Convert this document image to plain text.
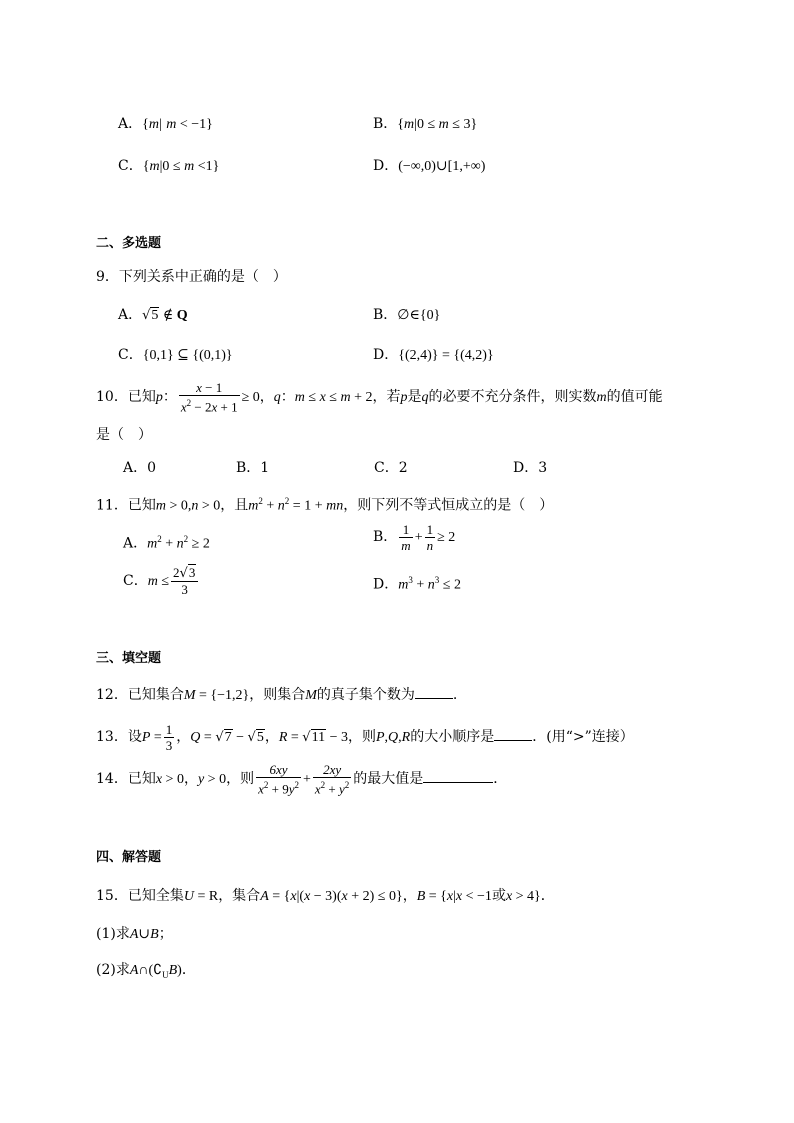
A．{m| m < −1}	B．{m|0 ≤ m ≤ 3}
C．{m|0 ≤ m <1}	D．(−∞,0)∪[1,+∞)
二、多选题
9．下列关系中正确的是（　）
A．√5 ∉ Q	B．∅∈{0}
C．{0,1} ⊆ {(0,1)}	D．{(2,4)} = {(4,2)}
10．已知p： $\frac{x - 1}{x^2 - 2x + 1} \ge 0$，q：m ≤ x ≤ m + 2，若p是q的必要不充分条件，则实数m的值可能
是（　）
A．0	B．1	C．2	D．3
11．已知m > 0,n > 0，且$m^2 + n^2 = 1$ + mn，则下列不等式恒成立的是（　）
A．$m^2 + n^2 \ge 2$	B． $\frac{1}{m} + \frac{1}{n} \ge 2$
C．$m \le \frac{2√3}{3}$	D．$m^3 + n^3 \le 2$
三、填空题
12．已知集合M = {−1,2}，则集合M的真子集个数为	.
13．设$P = \frac{1}{3}$ ，Q = √7 − √5，R = √11 − 3，则P,Q,R的大小顺序是	．(用“>”连接）
14．已知x > 0，y > 0，则 $\frac{6xy}{x^2 + 9y^2} + \frac{2xy}{x^2 + y^2}$ 的最大值是	．
四、解答题
15．已知全集U = R，集合A = {x|(x − 3)(x + 2) ≤ 0}，B = {x|x < −1或x > 4}．
(1)求A∪B；
(2)求$A\cap(∁_UB)$．
